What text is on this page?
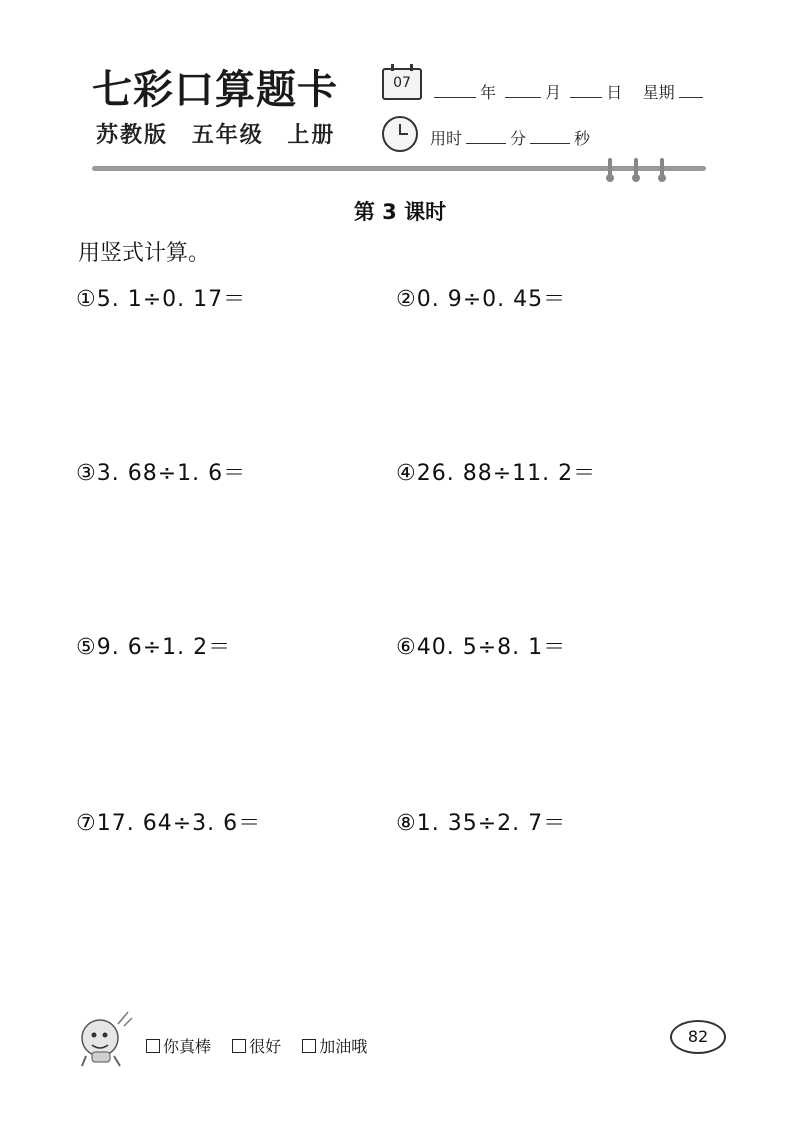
七彩口算题卡
苏教版 五年级 上册
07	年	月	日 星期
用时	分	秒
第 3 课时
用竖式计算。
①5. 1÷0. 17＝	②0. 9÷0. 45＝
③3. 68÷1. 6＝	④26. 88÷11. 2＝
⑤9. 6÷1. 2＝	⑥40. 5÷8. 1＝
⑦17. 64÷3. 6＝	⑧1. 35÷2. 7＝
你真棒 很好 加油哦
82
